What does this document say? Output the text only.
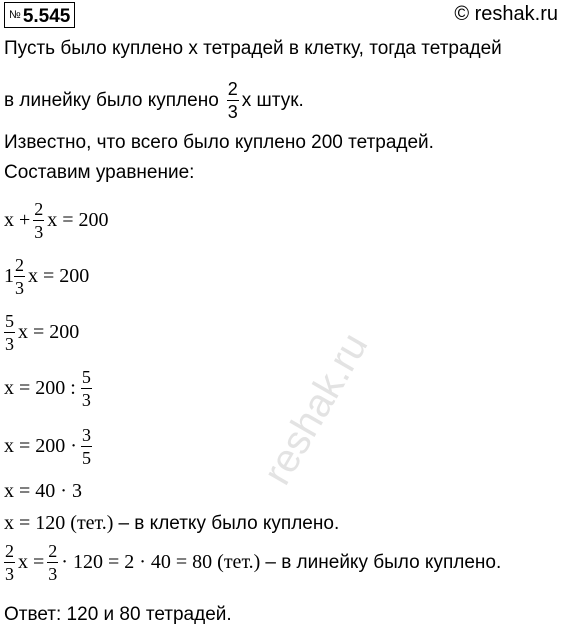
reshak.ru
№ 5.545	© reshak.ru
Пусть было куплено x тетрадей в клетку, тогда тетрадей
в линейку было куплено $\frac{2}{3}$ x штук.
Известно, что всего было куплено 200 тетрадей.
Составим уравнение:
$x + \frac{2}{3}$ x = 200
$1 \frac{2}{3}$ x = 200
$\frac{5}{3}$ x = 200
x = 200 : $\frac{5}{3}$
$x = 200 \cdot \frac{3}{5}$
x = 40 · 3
x = 120 (тет.) – в клетку было куплено.
$\frac{2}{3}$ $x = \frac{2}{3} \cdot 120 = 2 \cdot 40 = 80$ (тет.) – в линейку было куплено.
Ответ: 120 и 80 тетрадей.
